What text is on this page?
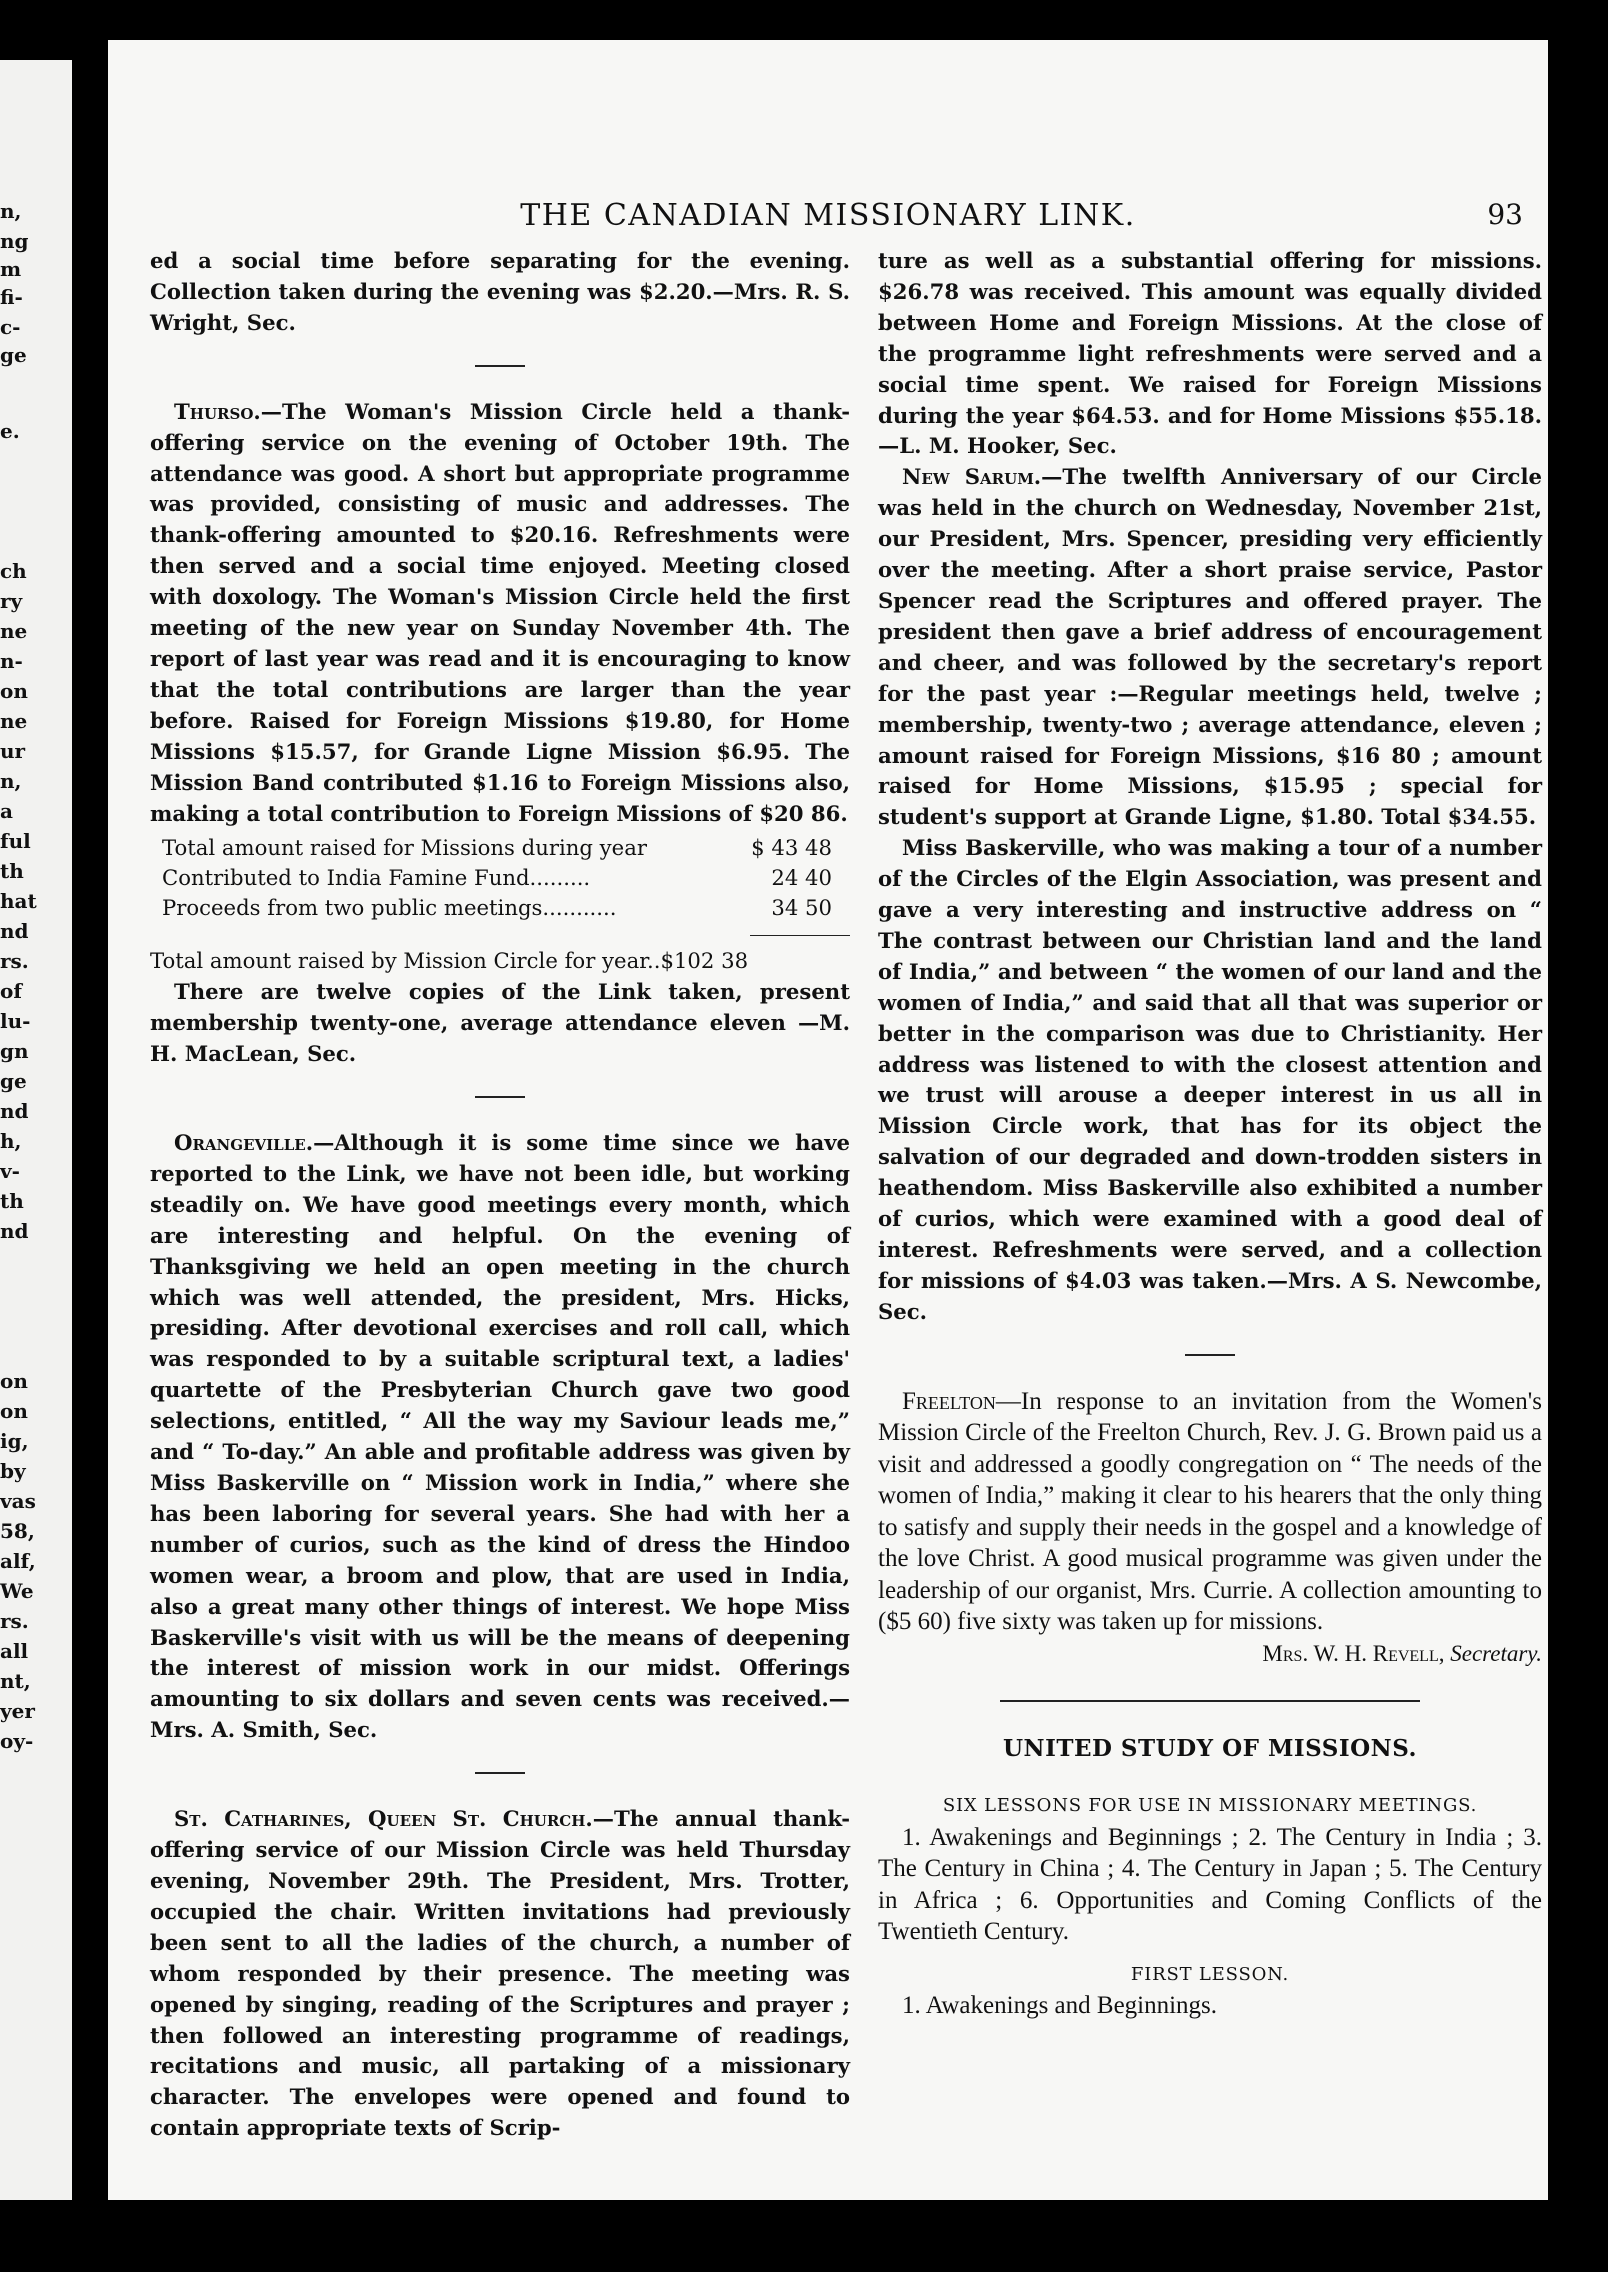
n,
ng
m
fi-
c-
ge
e.
ch
ry
ne
n-
on
ne
ur
n,
a
ful
th
hat
nd
rs.
of
lu-
gn
ge
nd
h,
v-
th
nd
on
on
ig,
by
vas
58,
alf,
We
rs.
all
nt,
yer
oy-
THE CANADIAN MISSIONARY LINK.	93

ed a social time before separating for the evening. Collection taken during the evening was $2.20.—Mrs. R. S. Wright, Sec.

Thurso.—The Woman's Mission Circle held a thank-offering service on the evening of October 19th. The attendance was good. A short but appropriate programme was provided, consisting of music and addresses. The thank-offering amounted to $20.16. Refreshments were then served and a social time enjoyed. Meeting closed with doxology. The Woman's Mission Circle held the first meeting of the new year on Sunday November 4th. The report of last year was read and it is encouraging to know that the total contributions are larger than the year before. Raised for Foreign Missions $19.80, for Home Missions $15.57, for Grande Ligne Mission $6.95. The Mission Band contributed $1.16 to Foreign Missions also, making a total contribution to Foreign Missions of $20 86.

Total amount raised for Missions during year	$ 43 48
Contributed to India Famine Fund.........	24 40
Proceeds from two public meetings...........	34 50

Total amount raised by Mission Circle for year..$102 38

There are twelve copies of the Link taken, present membership twenty-one, average attendance eleven —M. H. MacLean, Sec.

Orangeville.—Although it is some time since we have reported to the Link, we have not been idle, but working steadily on. We have good meetings every month, which are interesting and helpful. On the evening of Thanksgiving we held an open meeting in the church which was well attended, the president, Mrs. Hicks, presiding. After devotional exercises and roll call, which was responded to by a suitable scriptural text, a ladies' quartette of the Presbyterian Church gave two good selections, entitled, “ All the way my Saviour leads me,” and “ To-day.” An able and profitable address was given by Miss Baskerville on “ Mission work in India,” where she has been laboring for several years. She had with her a number of curios, such as the kind of dress the Hindoo women wear, a broom and plow, that are used in India, also a great many other things of interest. We hope Miss Baskerville's visit with us will be the means of deepening the interest of mission work in our midst. Offerings amounting to six dollars and seven cents was received.—Mrs. A. Smith, Sec.

St. Catharines, Queen St. Church.—The annual thank-offering service of our Mission Circle was held Thursday evening, November 29th. The President, Mrs. Trotter, occupied the chair. Written invitations had previously been sent to all the ladies of the church, a number of whom responded by their presence. The meeting was opened by singing, reading of the Scriptures and prayer ; then followed an interesting programme of readings, recitations and music, all partaking of a missionary character. The envelopes were opened and found to contain appropriate texts of Scrip-

ture as well as a substantial offering for missions. $26.78 was received. This amount was equally divided between Home and Foreign Missions. At the close of the programme light refreshments were served and a social time spent. We raised for Foreign Missions during the year $64.53. and for Home Missions $55.18.—L. M. Hooker, Sec.

New Sarum.—The twelfth Anniversary of our Circle was held in the church on Wednesday, November 21st, our President, Mrs. Spencer, presiding very efficiently over the meeting. After a short praise service, Pastor Spencer read the Scriptures and offered prayer. The president then gave a brief address of encouragement and cheer, and was followed by the secretary's report for the past year :—Regular meetings held, twelve ; membership, twenty-two ; average attendance, eleven ; amount raised for Foreign Missions, $16 80 ; amount raised for Home Missions, $15.95 ; special for student's support at Grande Ligne, $1.80. Total $34.55.

Miss Baskerville, who was making a tour of a number of the Circles of the Elgin Association, was present and gave a very interesting and instructive address on “ The contrast between our Christian land and the land of India,” and between “ the women of our land and the women of India,” and said that all that was superior or better in the comparison was due to Christianity. Her address was listened to with the closest attention and we trust will arouse a deeper interest in us all in Mission Circle work, that has for its object the salvation of our degraded and down-trodden sisters in heathendom. Miss Baskerville also exhibited a number of curios, which were examined with a good deal of interest. Refreshments were served, and a collection for missions of $4.03 was taken.—Mrs. A S. Newcombe, Sec.

Freelton—In response to an invitation from the Women's Mission Circle of the Freelton Church, Rev. J. G. Brown paid us a visit and addressed a goodly congregation on “ The needs of the women of India,” making it clear to his hearers that the only thing to satisfy and supply their needs in the gospel and a knowledge of the love Christ. A good musical programme was given under the leadership of our organist, Mrs. Currie. A collection amounting to ($5 60) five sixty was taken up for missions.

Mrs. W. H. Revell, Secretary.

UNITED STUDY OF MISSIONS.
SIX LESSONS FOR USE IN MISSIONARY MEETINGS.

1. Awakenings and Beginnings ; 2. The Century in India ; 3. The Century in China ; 4. The Century in Japan ; 5. The Century in Africa ; 6. Opportunities and Coming Conflicts of the Twentieth Century.

FIRST LESSON.

1. Awakenings and Beginnings.
